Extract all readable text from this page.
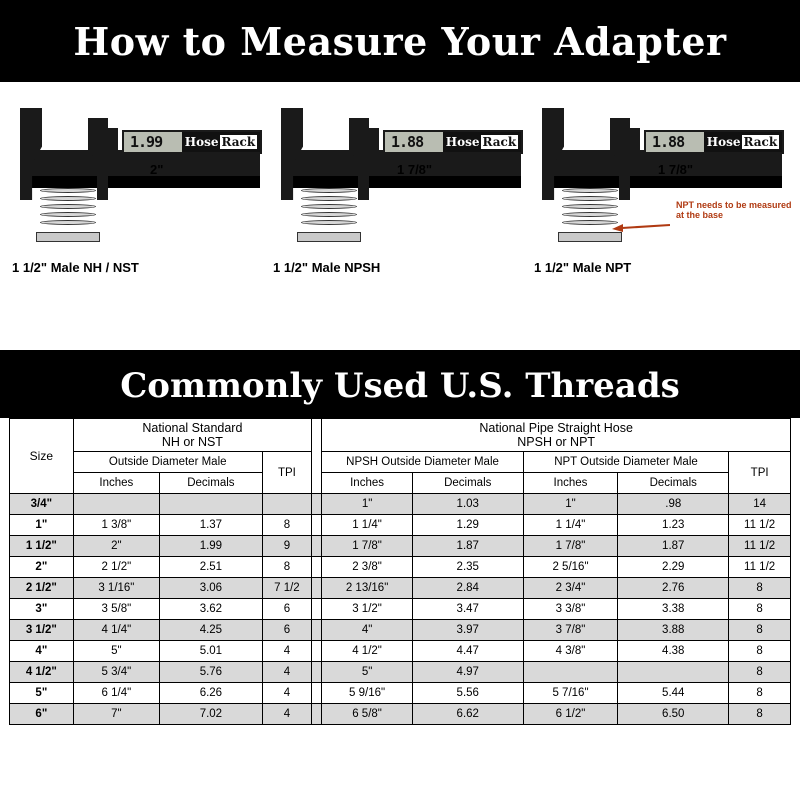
How to Measure Your Adapter
1.99	Hose Rack
2"
1 1/2" Male NH / NST
1.88	Hose Rack
1 7/8"
1 1/2" Male NPSH
1.88	Hose Rack
1 7/8"
NPT needs to be measured at the base
1 1/2" Male NPT
Commonly Used U.S. Threads
Size	
National Standard
NH or NST

National Pipe Straight Hose
NPSH or NPT

	Outside Diameter Male		TPI		NPSH Outside Diameter Male		NPT Outside Diameter Male		TPI
	Inches	Decimals			Inches	Decimals	Inches	Decimals	
3/4"					1"	1.03	1"	.98	14
1"	1 3/8"	1.37	8		1 1/4"	1.29	1 1/4"	1.23	11 1/2
1 1/2"	2"	1.99	9		1 7/8"	1.87	1 7/8"	1.87	11 1/2
2"	2 1/2"	2.51	8		2 3/8"	2.35	2 5/16"	2.29	11 1/2
2 1/2"	3 1/16"	3.06	7 1/2		2 13/16"	2.84	2 3/4"	2.76	8
3"	3 5/8"	3.62	6		3 1/2"	3.47	3 3/8"	3.38	8
3 1/2"	4 1/4"	4.25	6		4"	3.97	3 7/8"	3.88	8
4"	5"	5.01	4		4 1/2"	4.47	4 3/8"	4.38	8
4 1/2"	5 3/4"	5.76	4		5"	4.97			8
5"	6 1/4"	6.26	4		5 9/16"	5.56	5 7/16"	5.44	8
6"	7"	7.02	4		6 5/8"	6.62	6 1/2"	6.50	8
